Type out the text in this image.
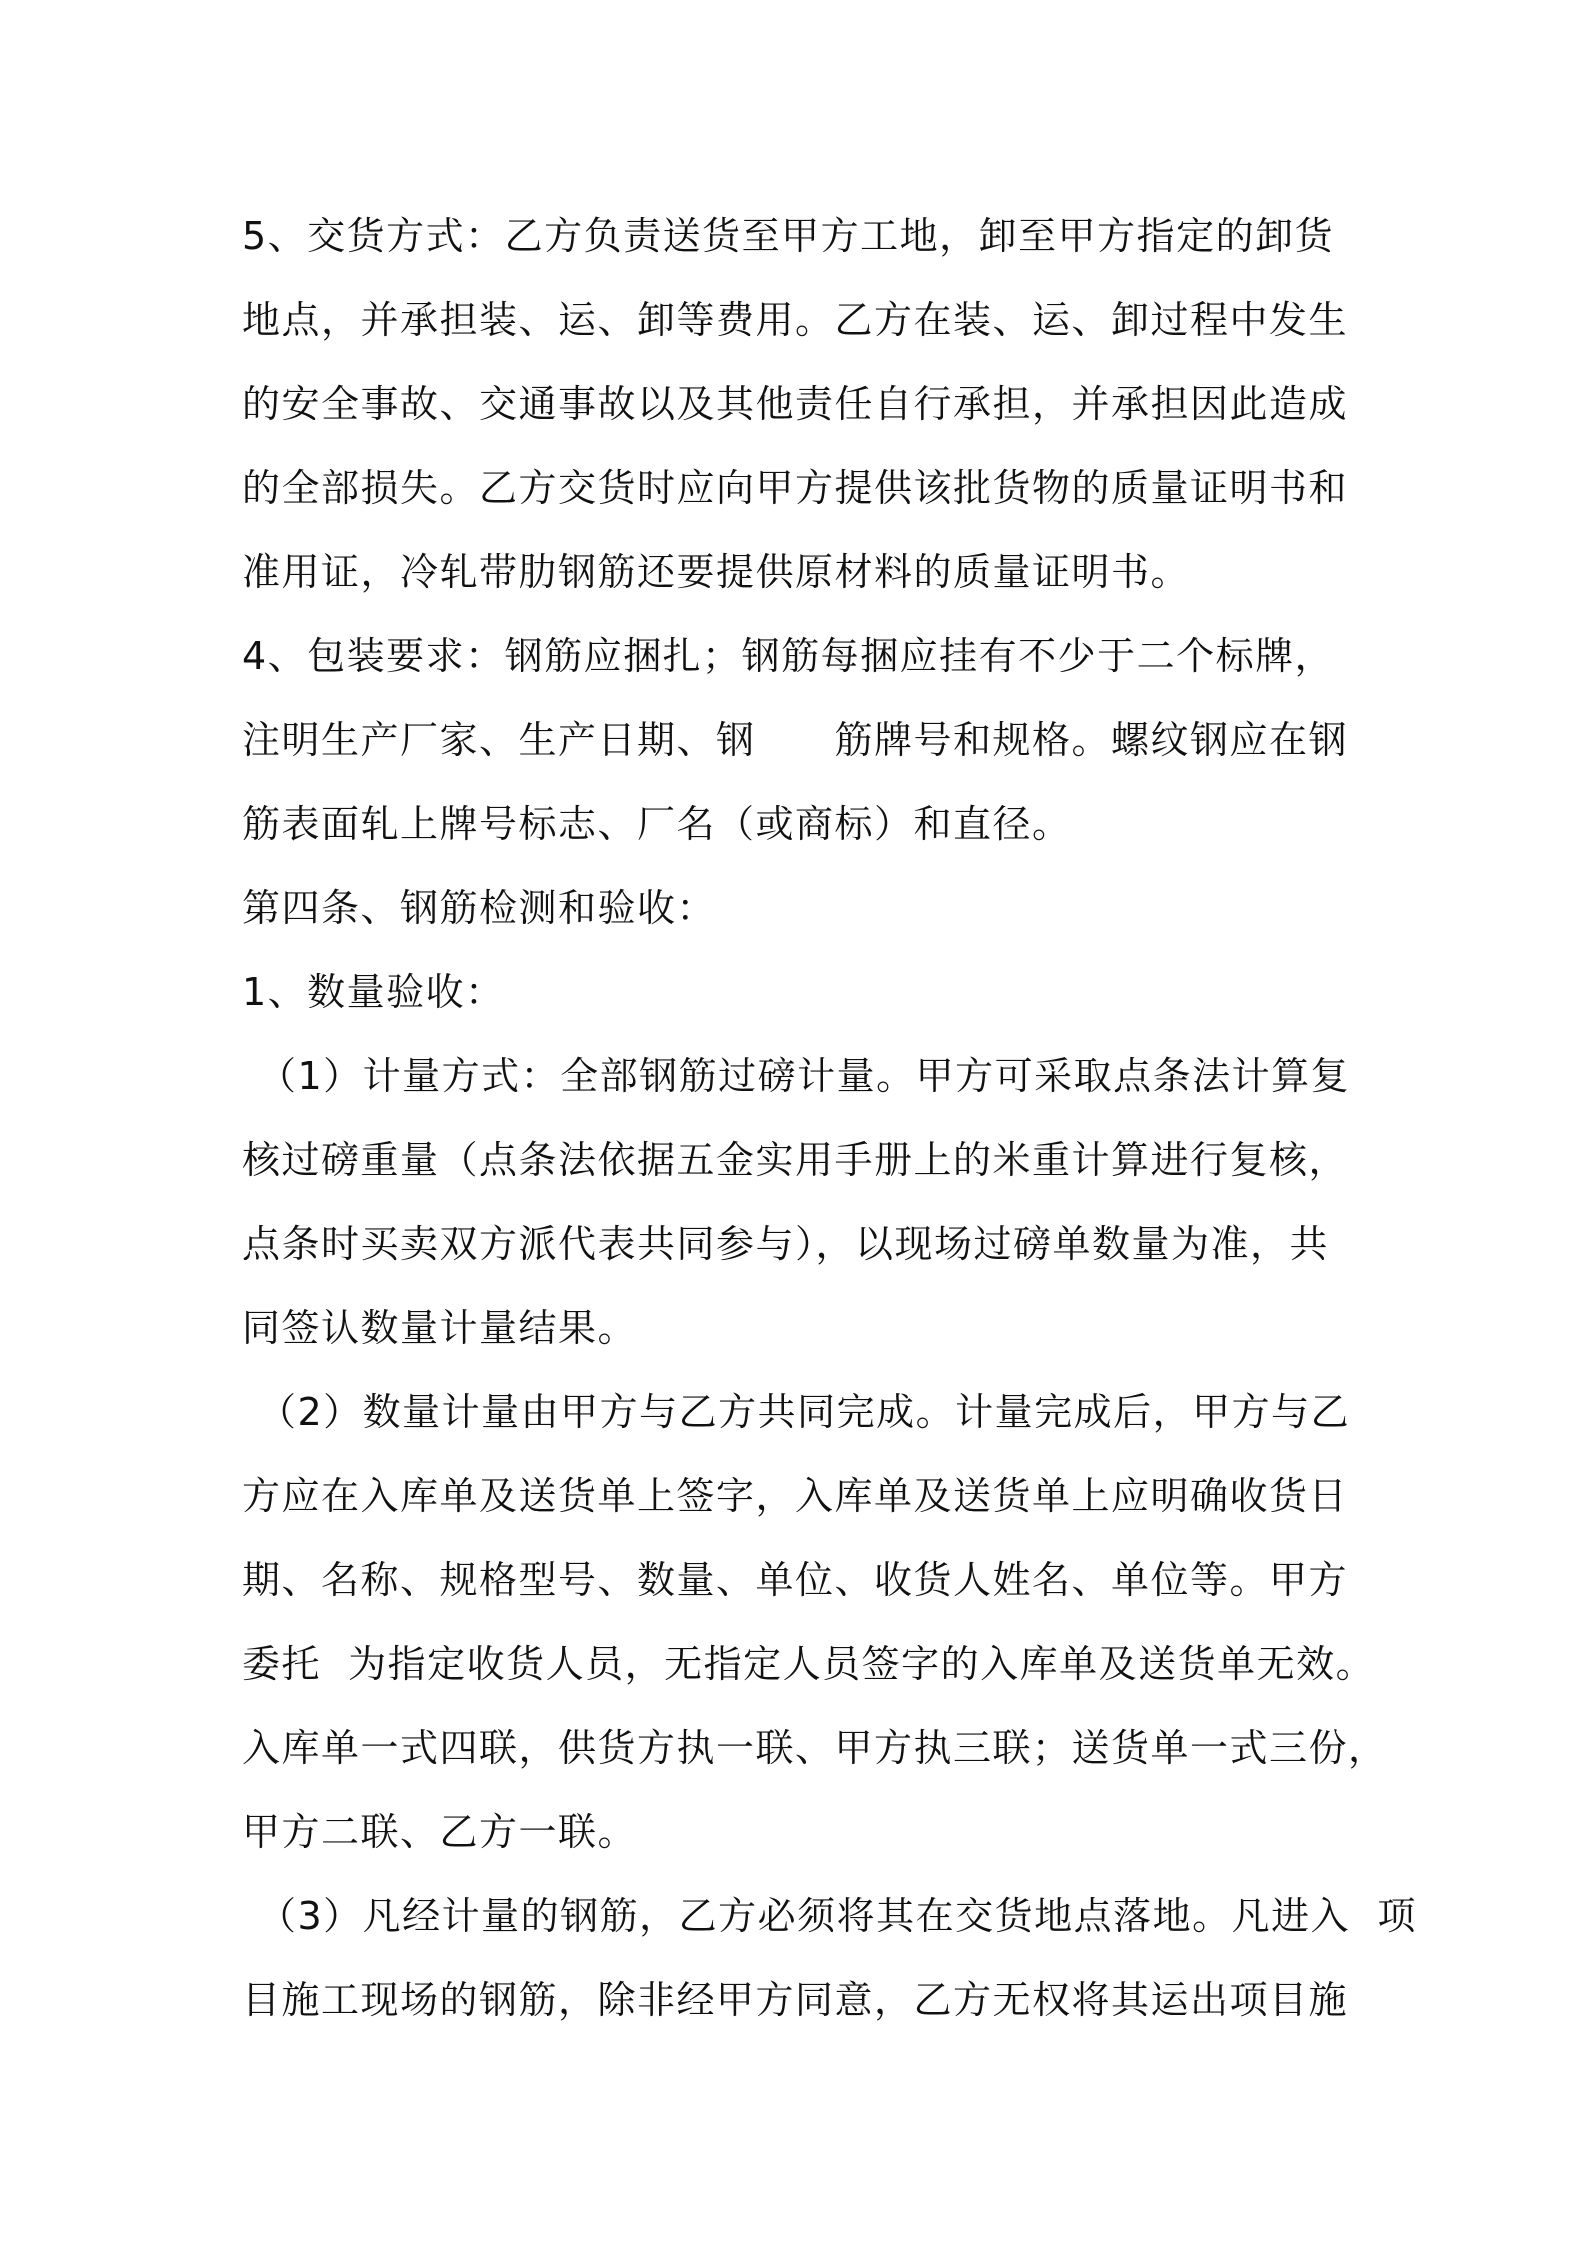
5、交货方式：乙方负责送货至甲方工地，卸至甲方指定的卸货
地点，并承担装、运、卸等费用。乙方在装、运、卸过程中发生
的安全事故、交通事故以及其他责任自行承担，并承担因此造成
的全部损失。乙方交货时应向甲方提供该批货物的质量证明书和
准用证，冷轧带肋钢筋还要提供原材料的质量证明书。
4、包装要求：钢筋应捆扎；钢筋每捆应挂有不少于二个标牌，
注明生产厂家、生产日期、钢　　筋牌号和规格。螺纹钢应在钢
筋表面轧上牌号标志、厂名（或商标）和直径。
第四条、钢筋检测和验收：
1、数量验收：
（1）计量方式：全部钢筋过磅计量。甲方可采取点条法计算复
核过磅重量（点条法依据五金实用手册上的米重计算进行复核，
点条时买卖双方派代表共同参与），以现场过磅单数量为准，共
同签认数量计量结果。
（2）数量计量由甲方与乙方共同完成。计量完成后，甲方与乙
方应在入库单及送货单上签字，入库单及送货单上应明确收货日
期、名称、规格型号、数量、单位、收货人姓名、单位等。甲方
委托  为指定收货人员，无指定人员签字的入库单及送货单无效。
入库单一式四联，供货方执一联、甲方执三联；送货单一式三份，
甲方二联、乙方一联。
（3）凡经计量的钢筋，乙方必须将其在交货地点落地。凡进入  项
目施工现场的钢筋，除非经甲方同意，乙方无权将其运出项目施
